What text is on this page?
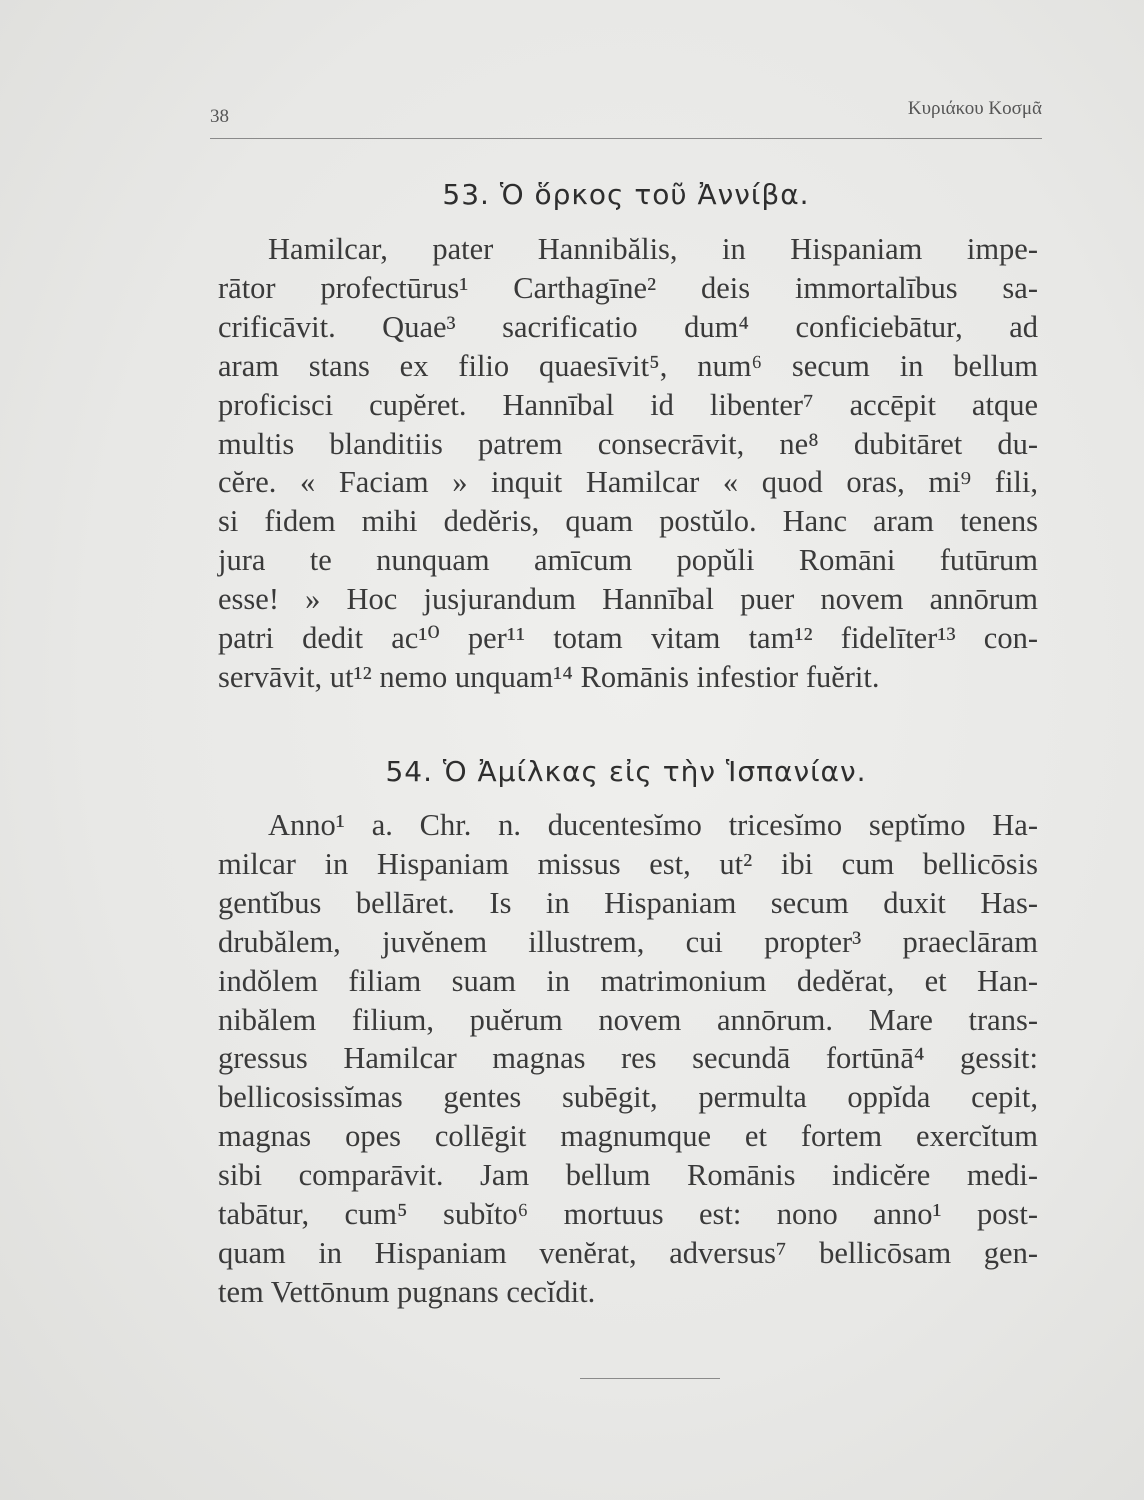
38	Κυριάκου Κοσμᾶ
53. Ὁ ὅρκος τοῦ Ἀννίβα.

Hamilcar, pater Hannibălis, in Hispaniam impe-
rātor profectūrus¹ Carthagīne² deis immortalībus sa-
crificāvit. Quae³ sacrificatio dum⁴ conficiebātur, ad
aram stans ex filio quaesīvit⁵, num⁶ secum in bellum
proficisci cupĕret. Hannībal id libenter⁷ accēpit atque
multis blanditiis patrem consecrāvit, ne⁸ dubitāret du-
cĕre. « Faciam » inquit Hamilcar « quod oras, mi⁹ fili,
si fidem mihi dedĕris, quam postŭlo. Hanc aram tenens
jura te nunquam amīcum popŭli Romāni futūrum
esse! » Hoc jusjurandum Hannībal puer novem annōrum
patri dedit ac¹⁰ per¹¹ totam vitam tam¹² fidelīter¹³ con-
servāvit, ut¹² nemo unquam¹⁴ Romānis infestior fuĕrit.

54. Ὁ Ἀμίλκας εἰς τὴν Ἱσπανίαν.

Anno¹ a. Chr. n. ducentesĭmo tricesĭmo septĭmo Ha-
milcar in Hispaniam missus est, ut² ibi cum bellicōsis
gentĭbus bellāret. Is in Hispaniam secum duxit Has-
drubălem, juvĕnem illustrem, cui propter³ praeclāram
indŏlem filiam suam in matrimonium dedĕrat, et Han-
nibălem filium, puĕrum novem annōrum. Mare trans-
gressus Hamilcar magnas res secundā fortūnā⁴ gessit:
bellicosissĭmas gentes subēgit, permulta oppĭda cepit,
magnas opes collēgit magnumque et fortem exercĭtum
sibi comparāvit. Jam bellum Romānis indicĕre medi-
tabātur, cum⁵ subĭto⁶ mortuus est: nono anno¹ post-
quam in Hispaniam venĕrat, adversus⁷ bellicōsam gen-
tem Vettōnum pugnans cecĭdit.
